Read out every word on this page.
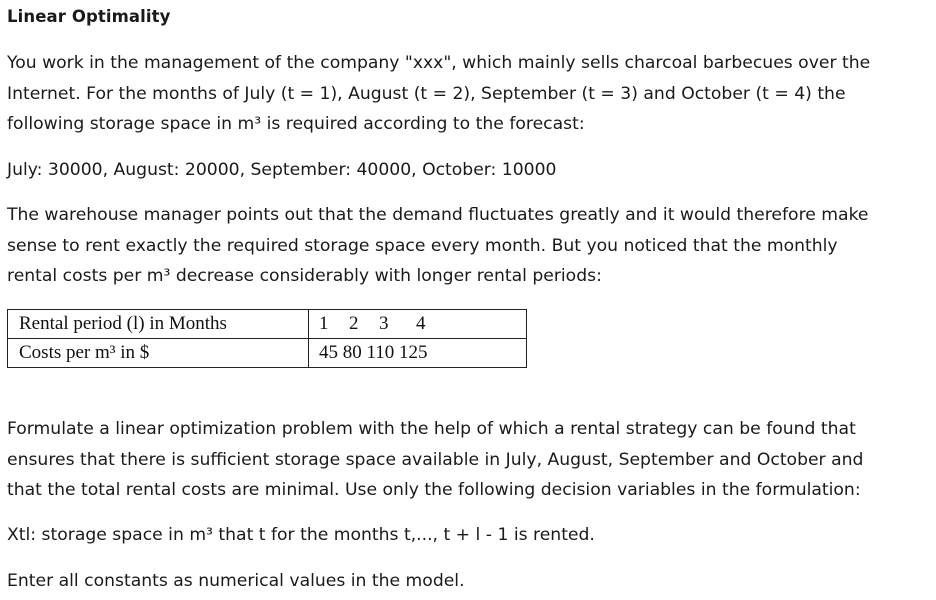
Linear Optimality
You work in the management of the company "xxx", which mainly sells charcoal barbecues over the
Internet. For the months of July (t = 1), August (t = 2), September (t = 3) and October (t = 4) the
following storage space in m³ is required according to the forecast:
July: 30000, August: 20000, September: 40000, October: 10000
The warehouse manager points out that the demand fluctuates greatly and it would therefore make
sense to rent exactly the required storage space every month. But you noticed that the monthly
rental costs per m³ decrease considerably with longer rental periods:
Rental period (l) in Months	1 2 3 4
Costs per m³ in $	45 80 110 125
Formulate a linear optimization problem with the help of which a rental strategy can be found that
ensures that there is sufficient storage space available in July, August, September and October and
that the total rental costs are minimal. Use only the following decision variables in the formulation:
Xtl: storage space in m³ that t for the months t,..., t + l - 1 is rented.
Enter all constants as numerical values in the model.
